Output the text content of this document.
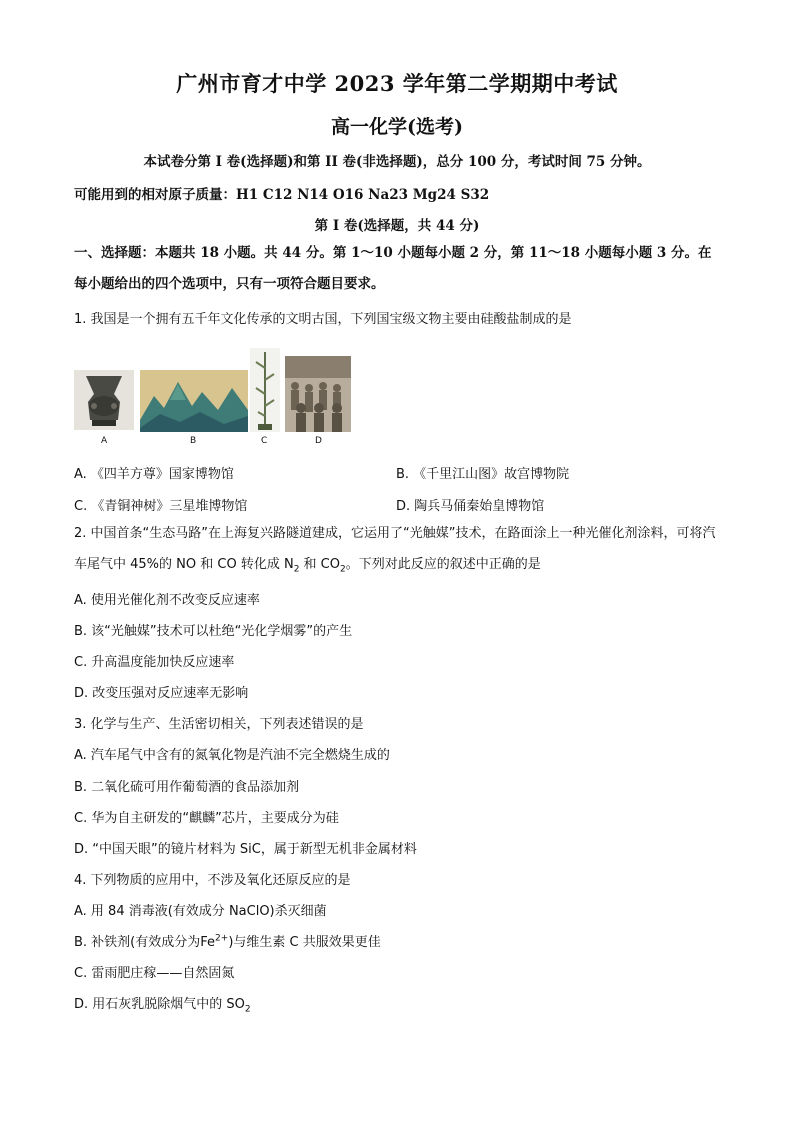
广州市育才中学 2023 学年第二学期期中考试
高一化学(选考)
本试卷分第 I 卷(选择题)和第 II 卷(非选择题)，总分 100 分，考试时间 75 分钟。
可能用到的相对原子质量：H1 C12 N14 O16 Na23 Mg24 S32
第 I 卷(选择题，共 44 分)
一、选择题：本题共 18 小题。共 44 分。第 1～10 小题每小题 2 分，第 11～18 小题每小题 3 分。在每小题给出的四个选项中，只有一项符合题目要求。
1. 我国是一个拥有五千年文化传承的文明古国，下列国宝级文物主要由硅酸盐制成的是
A	B	C	D
A. 《四羊方尊》国家博物馆	B. 《千里江山图》故宫博物院
C. 《青铜神树》三星堆博物馆	D. 陶兵马俑秦始皇博物馆
2. 中国首条“生态马路”在上海复兴路隧道建成，它运用了“光触媒”技术，在路面涂上一种光催化剂涂料，可将汽车尾气中 45%的 NO 和 CO 转化成 $N_2$ 和 $CO_2$。下列对此反应的叙述中正确的是
A. 使用光催化剂不改变反应速率
B. 该“光触媒”技术可以杜绝“光化学烟雾”的产生
C. 升高温度能加快反应速率
D. 改变压强对反应速率无影响
3. 化学与生产、生活密切相关，下列表述错误的是
A. 汽车尾气中含有的氮氧化物是汽油不完全燃烧生成的
B. 二氧化硫可用作葡萄酒的食品添加剂
C. 华为自主研发的“麒麟”芯片，主要成分为硅
D. “中国天眼”的镜片材料为 SiC，属于新型无机非金属材料
4. 下列物质的应用中，不涉及氧化还原反应的是
A. 用 84 消毒液(有效成分 NaClO)杀灭细菌
B. 补铁剂(有效成分为$Fe^{2+}$)与维生素 C 共服效果更佳
C. 雷雨肥庄稼——自然固氮
D. 用石灰乳脱除烟气中的 $SO_2$
